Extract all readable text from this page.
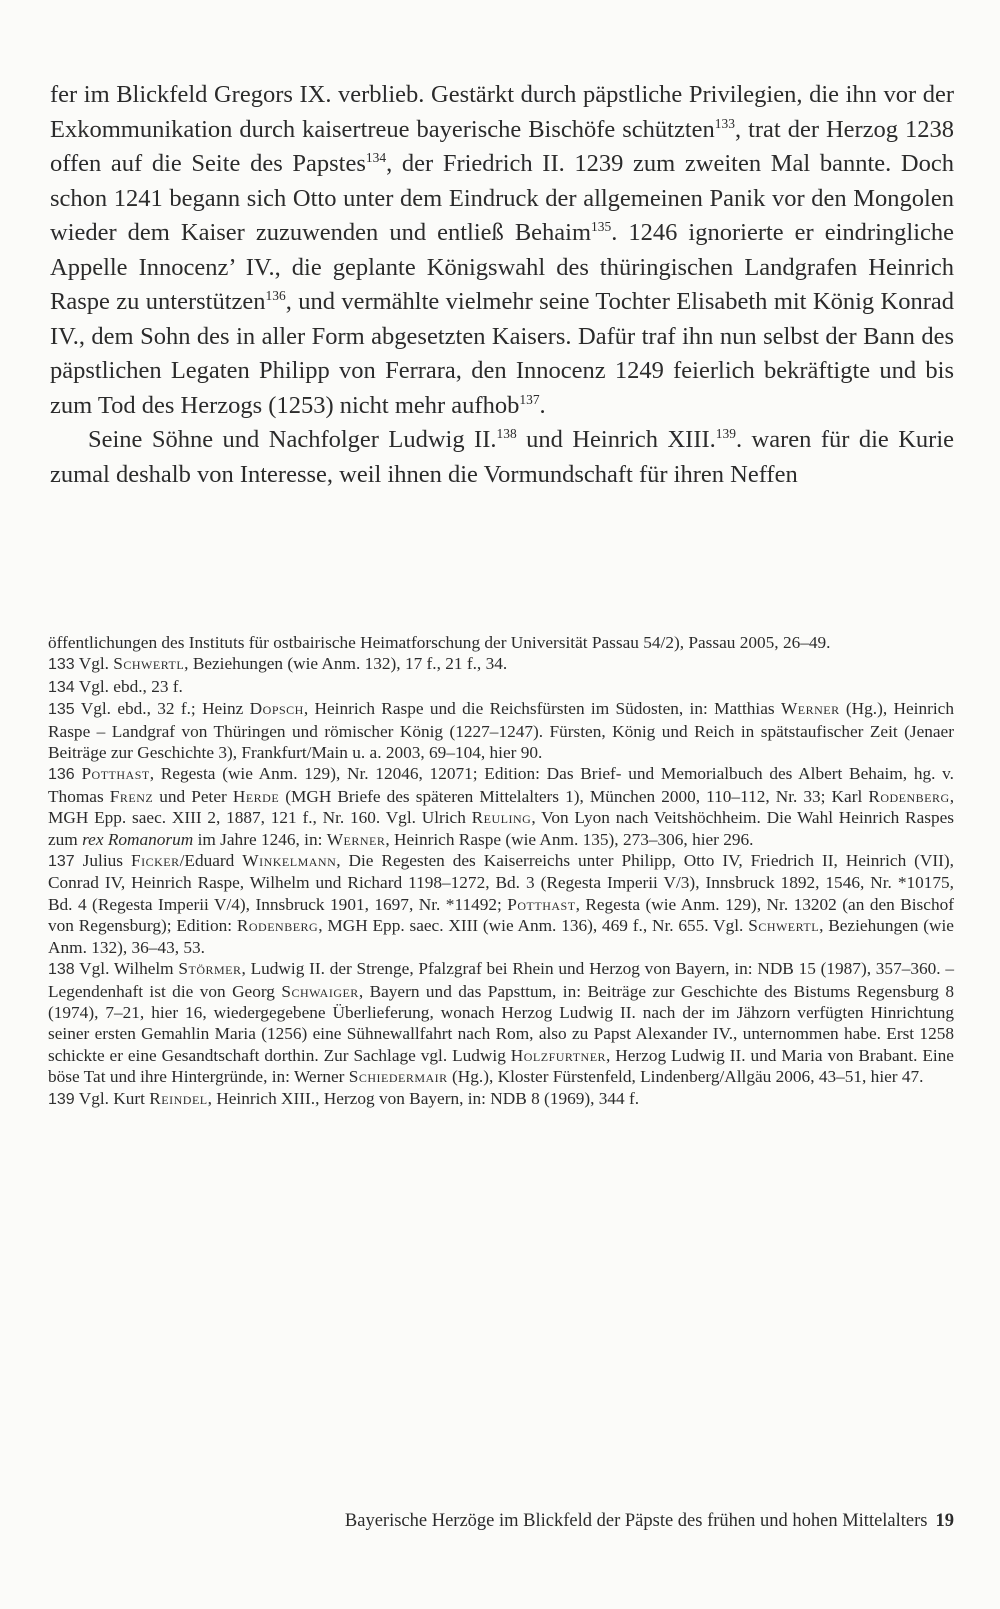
fer im Blickfeld Gregors IX. verblieb. Gestärkt durch päpstliche Privilegien, die ihn vor der Exkommunikation durch kaisertreue bayerische Bischöfe schützten$^{133}$, trat der Herzog 1238 offen auf die Seite des Papstes$^{134}$, der Friedrich II. 1239 zum zweiten Mal bannte. Doch schon 1241 begann sich Otto unter dem Eindruck der allgemeinen Panik vor den Mongolen wieder dem Kaiser zuzuwenden und entließ Behaim$^{135}$. 1246 ignorierte er eindringliche Appelle Innocenz’ IV., die geplante Königswahl des thüringischen Landgrafen Heinrich Raspe zu unterstützen$^{136}$, und vermählte vielmehr seine Tochter Elisabeth mit König Konrad IV., dem Sohn des in aller Form abgesetzten Kaisers. Dafür traf ihn nun selbst der Bann des päpstlichen Legaten Philipp von Ferrara, den Innocenz 1249 feierlich bekräftigte und bis zum Tod des Herzogs (1253) nicht mehr aufhob$^{137}$.

Seine Söhne und Nachfolger Ludwig II.$^{138}$ und Heinrich XIII.$^{139}$. waren für die Kurie zumal deshalb von Interesse, weil ihnen die Vormundschaft für ihren Neffen

öffentlichungen des Instituts für ostbairische Heimatforschung der Universität Passau 54/2), Passau 2005, 26–49.

133 Vgl. Schwertl, Beziehungen (wie Anm. 132), 17 f., 21 f., 34.

134 Vgl. ebd., 23 f.

135 Vgl. ebd., 32 f.; Heinz Dopsch, Heinrich Raspe und die Reichsfürsten im Südosten, in: Matthias Werner (Hg.), Heinrich Raspe – Landgraf von Thüringen und römischer König (1227–1247). Fürsten, König und Reich in spätstaufischer Zeit (Jenaer Beiträge zur Geschichte 3), Frankfurt/Main u. a. 2003, 69–104, hier 90.

136 Potthast, Regesta (wie Anm. 129), Nr. 12046, 12071; Edition: Das Brief- und Memorialbuch des Albert Behaim, hg. v. Thomas Frenz und Peter Herde (MGH Briefe des späteren Mittelalters 1), München 2000, 110–112, Nr. 33; Karl Rodenberg, MGH Epp. saec. XIII 2, 1887, 121 f., Nr. 160. Vgl. Ulrich Reuling, Von Lyon nach Veitshöchheim. Die Wahl Heinrich Raspes zum rex Romanorum im Jahre 1246, in: Werner, Heinrich Raspe (wie Anm. 135), 273–306, hier 296.

137 Julius Ficker/Eduard Winkelmann, Die Regesten des Kaiserreichs unter Philipp, Otto IV, Friedrich II, Heinrich (VII), Conrad IV, Heinrich Raspe, Wilhelm und Richard 1198–1272, Bd. 3 (Regesta Imperii V/3), Innsbruck 1892, 1546, Nr. *10175, Bd. 4 (Regesta Imperii V/4), Innsbruck 1901, 1697, Nr. *11492; Potthast, Regesta (wie Anm. 129), Nr. 13202 (an den Bischof von Regensburg); Edition: Rodenberg, MGH Epp. saec. XIII (wie Anm. 136), 469 f., Nr. 655. Vgl. Schwertl, Beziehungen (wie Anm. 132), 36–43, 53.

138 Vgl. Wilhelm Störmer, Ludwig II. der Strenge, Pfalzgraf bei Rhein und Herzog von Bayern, in: NDB 15 (1987), 357–360. – Legendenhaft ist die von Georg Schwaiger, Bayern und das Papsttum, in: Beiträge zur Geschichte des Bistums Regensburg 8 (1974), 7–21, hier 16, wiedergegebene Überlieferung, wonach Herzog Ludwig II. nach der im Jähzorn verfügten Hinrichtung seiner ersten Gemahlin Maria (1256) eine Sühnewallfahrt nach Rom, also zu Papst Alexander IV., unternommen habe. Erst 1258 schickte er eine Gesandtschaft dorthin. Zur Sachlage vgl. Ludwig Holzfurtner, Herzog Ludwig II. und Maria von Brabant. Eine böse Tat und ihre Hintergründe, in: Werner Schiedermair (Hg.), Kloster Fürstenfeld, Lindenberg/Allgäu 2006, 43–51, hier 47.

139 Vgl. Kurt Reindel, Heinrich XIII., Herzog von Bayern, in: NDB 8 (1969), 344 f.

Bayerische Herzöge im Blickfeld der Päpste des frühen und hohen Mittelalters 19
